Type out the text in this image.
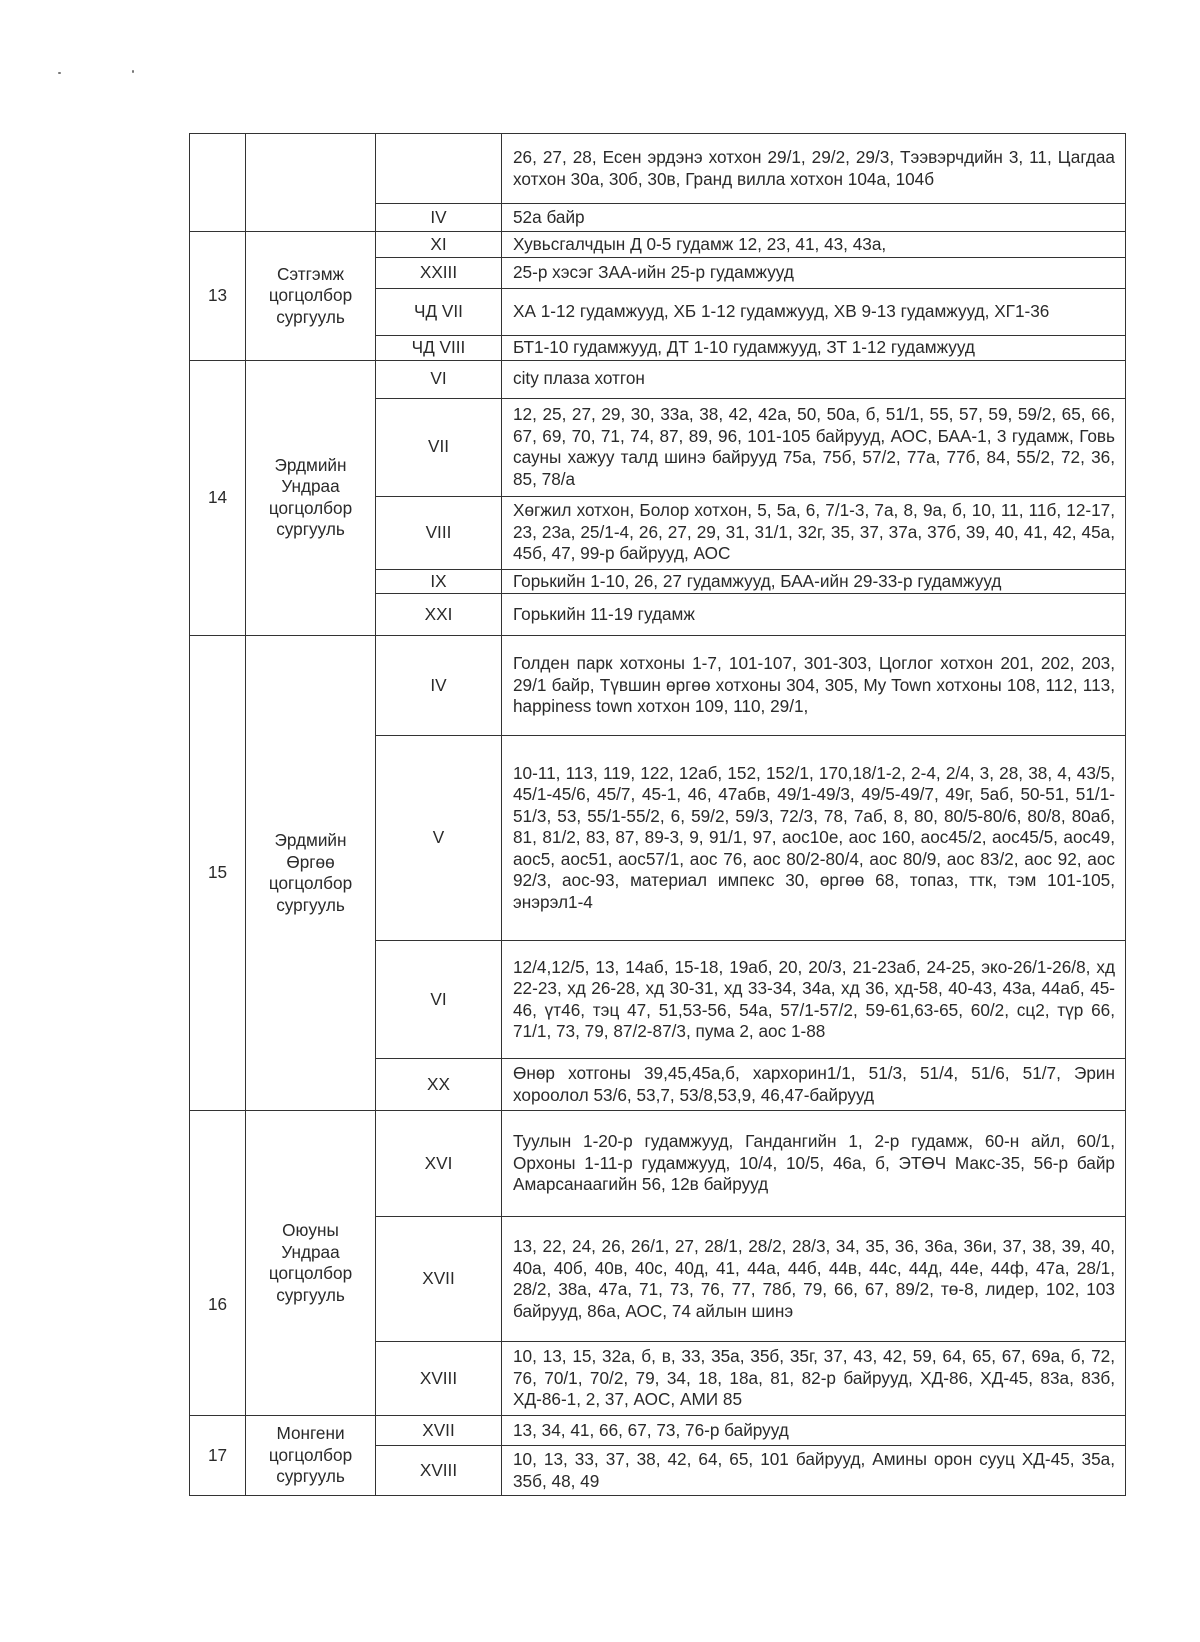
			26, 27, 28, Есен эрдэнэ хотхон 29/1, 29/2, 29/3, Тээвэрчдийн 3, 11, Цагдаа хотхон 30а, 30б, 30в, Гранд вилла хотхон 104а, 104б
		IV	52а байр
13	Сэтгэмж цогцолбор сургууль	XI	Хувьсгалчдын Д 0-5 гудамж 12, 23, 41, 43, 43а,
		XXIII	25-р хэсэг ЗАА-ийн 25-р гудамжууд
		ЧД VII	ХА 1-12 гудамжууд, ХБ 1-12 гудамжууд, ХВ 9-13 гудамжууд, ХГ1-36
		ЧД VIII	БТ1-10 гудамжууд, ДТ 1-10 гудамжууд, ЗТ 1-12 гудамжууд
14	Эрдмийн Ундраа цогцолбор сургууль	VI	city плаза хотгон
		VII	12, 25, 27, 29, 30, 33а, 38, 42, 42а, 50, 50а, б, 51/1, 55, 57, 59, 59/2, 65, 66, 67, 69, 70, 71, 74, 87, 89, 96, 101-105 байрууд, АОС, БАА-1, 3 гудамж, Говь сауны хажуу талд шинэ байрууд 75а, 75б, 57/2, 77а, 77б, 84, 55/2, 72, 36, 85, 78/а
		VIII	Хөгжил хотхон, Болор хотхон, 5, 5а, 6, 7/1-3, 7а, 8, 9а, б, 10, 11, 11б, 12-17, 23, 23а, 25/1-4, 26, 27, 29, 31, 31/1, 32г, 35, 37, 37а, 37б, 39, 40, 41, 42, 45а, 45б, 47, 99-р байрууд, АОС
		IX	Горькийн 1-10, 26, 27 гудамжууд, БАА-ийн 29-33-р гудамжууд
		XXI	Горькийн 11-19 гудамж
15	Эрдмийн Өргөө цогцолбор сургууль	IV	Голден парк хотхоны 1-7, 101-107, 301-303, Цоглог хотхон 201, 202, 203, 29/1 байр, Түвшин өргөө хотхоны 304, 305, My Town хотхоны 108, 112, 113, happiness town хотхон 109, 110, 29/1,
		V	10-11, 113, 119, 122, 12аб, 152, 152/1, 170,18/1-2, 2-4, 2/4, 3, 28, 38, 4, 43/5, 45/1-45/6, 45/7, 45-1, 46, 47абв, 49/1-49/3, 49/5-49/7, 49г, 5аб, 50-51, 51/1-51/3, 53, 55/1-55/2, 6, 59/2, 59/3, 72/3, 78, 7аб, 8, 80, 80/5-80/6, 80/8, 80аб, 81, 81/2, 83, 87, 89-3, 9, 91/1, 97, аос10е, аос 160, аос45/2, аос45/5, аос49, аос5, аос51, аос57/1, аос 76, аос 80/2-80/4, аос 80/9, аос 83/2, аос 92, аос 92/3, аос-93, материал импекс 30, өргөө 68, топаз, ттк, тэм 101-105, энэрэл1-4
		VI	12/4,12/5, 13, 14аб, 15-18, 19аб, 20, 20/3, 21-23аб, 24-25, эко-26/1-26/8, хд 22-23, хд 26-28, хд 30-31, хд 33-34, 34а, хд 36, хд-58, 40-43, 43а, 44аб, 45-46, үт46, тэц 47, 51,53-56, 54а, 57/1-57/2, 59-61,63-65, 60/2, сц2, түр 66, 71/1, 73, 79, 87/2-87/3, пума 2, аос 1-88
		XX	Өнөр хотгоны 39,45,45а,б, хархорин1/1, 51/3, 51/4, 51/6, 51/7, Эрин хороолол 53/6, 53,7, 53/8,53,9, 46,47-байрууд
16	Оюуны Ундраа цогцолбор сургууль	XVI	Туулын 1-20-р гудамжууд, Гандангийн 1, 2-р гудамж, 60-н айл, 60/1, Орхоны 1-11-р гудамжууд, 10/4, 10/5, 46а, б, ЭТӨЧ Макс-35, 56-р байр Амарсанаагийн 56, 12в байрууд
		XVII	13, 22, 24, 26, 26/1, 27, 28/1, 28/2, 28/3, 34, 35, 36, 36а, 36и, 37, 38, 39, 40, 40а, 40б, 40в, 40с, 40д, 41, 44а, 44б, 44в, 44с, 44д, 44е, 44ф, 47а, 28/1, 28/2, 38а, 47а, 71, 73, 76, 77, 78б, 79, 66, 67, 89/2, тө-8, лидер, 102, 103 байрууд, 86а, АОС, 74 айлын шинэ
		XVIII	10, 13, 15, 32а, б, в, 33, 35а, 35б, 35г, 37, 43, 42, 59, 64, 65, 67, 69а, б, 72, 76, 70/1, 70/2, 79, 34, 18, 18а, 81, 82-р байрууд, ХД-86, ХД-45, 83а, 83б, ХД-86-1, 2, 37, АОС, АМИ 85
17	Монгени цогцолбор сургууль	XVII	13, 34, 41, 66, 67, 73, 76-р байрууд
		XVIII	10, 13, 33, 37, 38, 42, 64, 65, 101 байрууд, Амины орон сууц ХД-45, 35а, 35б, 48, 49
